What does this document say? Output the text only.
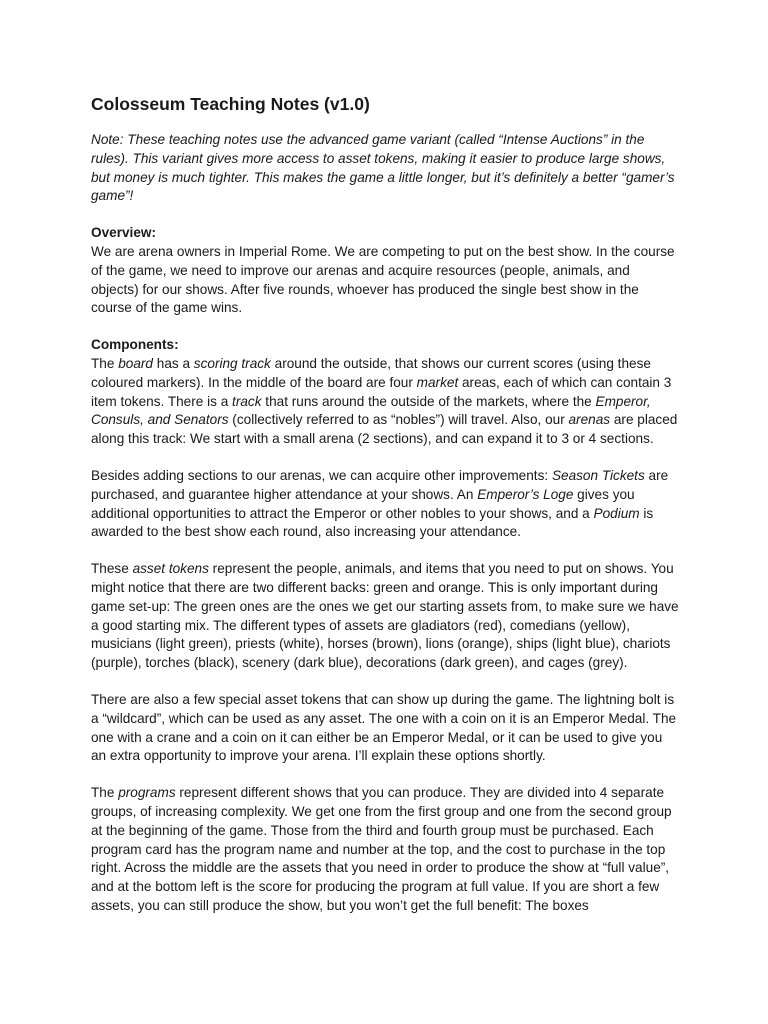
Colosseum Teaching Notes (v1.0)

Note: These teaching notes use the advanced game variant (called “Intense Auctions” in the rules). This variant gives more access to asset tokens, making it easier to produce large shows, but money is much tighter. This makes the game a little longer, but it’s definitely a better “gamer’s game”!

Overview:
We are arena owners in Imperial Rome. We are competing to put on the best show. In the course of the game, we need to improve our arenas and acquire resources (people, animals, and objects) for our shows. After five rounds, whoever has produced the single best show in the course of the game wins.

Components:
The board has a scoring track around the outside, that shows our current scores (using these coloured markers). In the middle of the board are four market areas, each of which can contain 3 item tokens. There is a track that runs around the outside of the markets, where the Emperor, Consuls, and Senators (collectively referred to as “nobles”) will travel. Also, our arenas are placed along this track: We start with a small arena (2 sections), and can expand it to 3 or 4 sections.

Besides adding sections to our arenas, we can acquire other improvements: Season Tickets are purchased, and guarantee higher attendance at your shows. An Emperor’s Loge gives you additional opportunities to attract the Emperor or other nobles to your shows, and a Podium is awarded to the best show each round, also increasing your attendance.

These asset tokens represent the people, animals, and items that you need to put on shows. You might notice that there are two different backs: green and orange. This is only important during game set-up: The green ones are the ones we get our starting assets from, to make sure we have a good starting mix. The different types of assets are gladiators (red), comedians (yellow), musicians (light green), priests (white), horses (brown), lions (orange), ships (light blue), chariots (purple), torches (black), scenery (dark blue), decorations (dark green), and cages (grey).

There are also a few special asset tokens that can show up during the game. The lightning bolt is a “wildcard”, which can be used as any asset. The one with a coin on it is an Emperor Medal. The one with a crane and a coin on it can either be an Emperor Medal, or it can be used to give you an extra opportunity to improve your arena. I’ll explain these options shortly.

The programs represent different shows that you can produce. They are divided into 4 separate groups, of increasing complexity. We get one from the first group and one from the second group at the beginning of the game. Those from the third and fourth group must be purchased. Each program card has the program name and number at the top, and the cost to purchase in the top right. Across the middle are the assets that you need in order to produce the show at “full value”, and at the bottom left is the score for producing the program at full value. If you are short a few assets, you can still produce the show, but you won’t get the full benefit: The boxes
